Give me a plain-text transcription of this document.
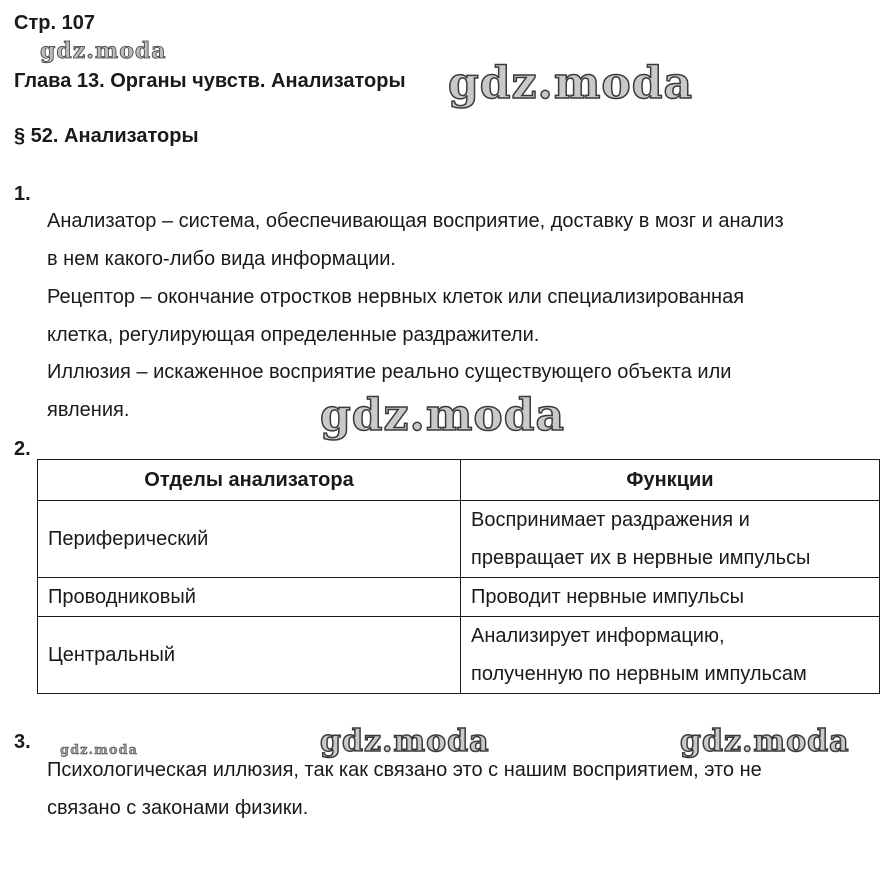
Стр. 107
Глава 13. Органы чувств. Анализаторы
§ 52. Анализаторы
1.
Анализатор – система, обеспечивающая восприятие, доставку в мозг и анализ
в нем какого-либо вида информации.
Рецептор – окончание отростков нервных клеток или специализированная
клетка, регулирующая определенные раздражители.
Иллюзия – искаженное восприятие реально существующего объекта или
явления.
2.
Отделы анализатора	Функции
Периферический	Воспринимает раздражения и
превращает их в нервные импульсы

Проводниковый	Проводит нервные импульсы

Центральный	Анализирует информацию,
полученную по нервным импульсам
3.
Психологическая иллюзия, так как связано это с нашим восприятием, это не
связано с законами физики.
gdz.moda
gdz.moda
gdz.moda
gdz.moda	gdz.moda	gdz.moda
